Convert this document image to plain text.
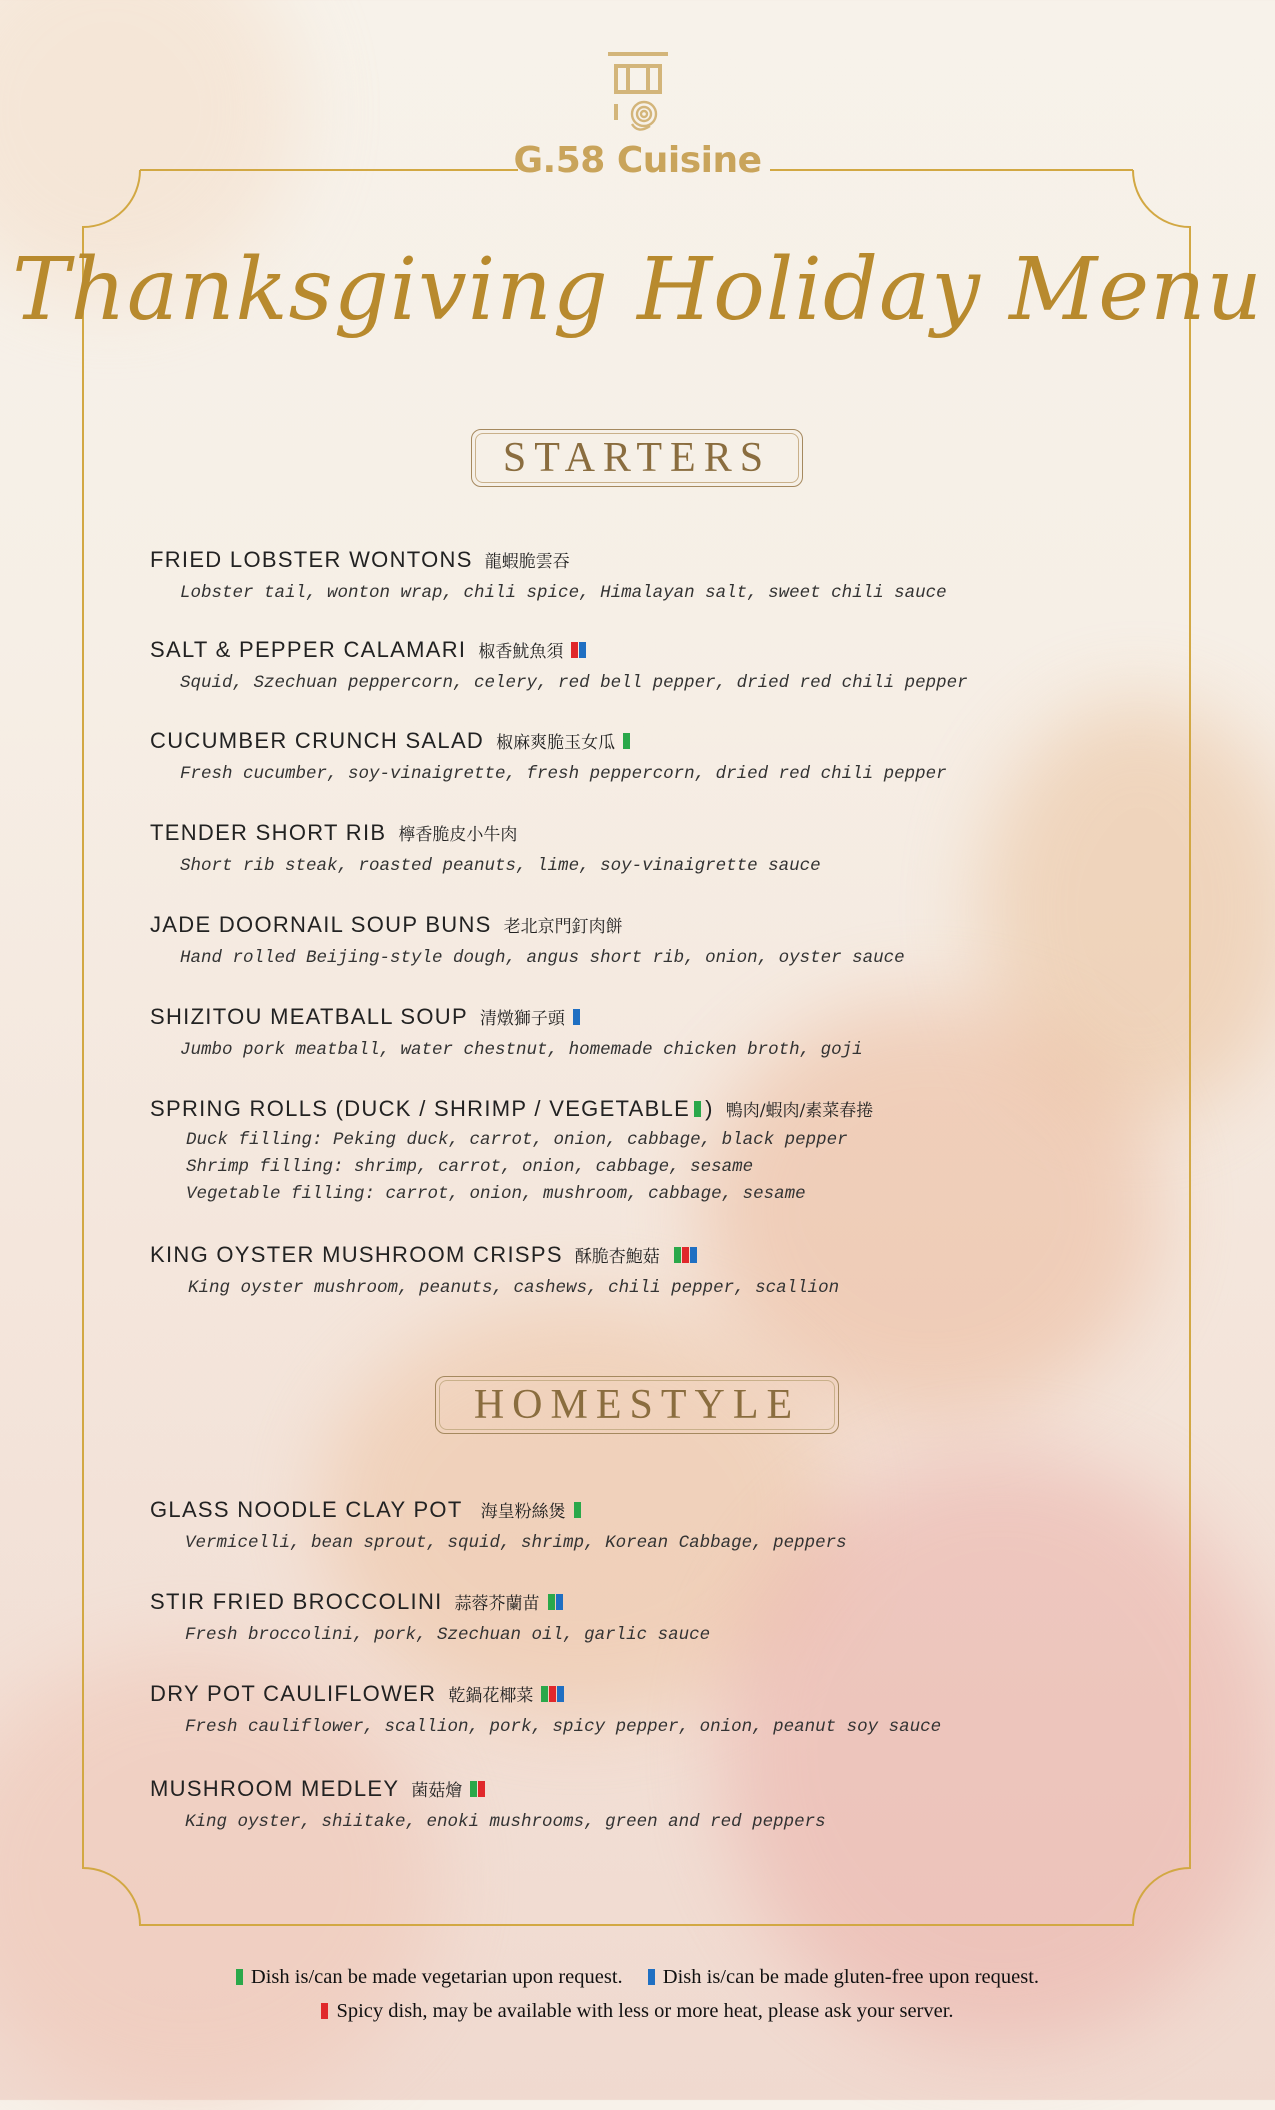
G.58 Cuisine
Thanksgiving Holiday Menu
STARTERS
FRIED LOBSTER WONTONS 龍蝦脆雲吞
Lobster tail, wonton wrap, chili spice, Himalayan salt, sweet chili sauce
SALT & PEPPER CALAMARI 椒香魷魚須
Squid, Szechuan peppercorn, celery, red bell pepper, dried red chili pepper
CUCUMBER CRUNCH SALAD 椒麻爽脆玉女瓜
Fresh cucumber, soy-vinaigrette, fresh peppercorn, dried red chili pepper
TENDER SHORT RIB 檸香脆皮小牛肉
Short rib steak, roasted peanuts, lime, soy-vinaigrette sauce
JADE DOORNAIL SOUP BUNS 老北京門釘肉餅
Hand rolled Beijing-style dough, angus short rib, onion, oyster sauce
SHIZITOU MEATBALL SOUP 清燉獅子頭
Jumbo pork meatball, water chestnut, homemade chicken broth, goji
SPRING ROLLS (DUCK / SHRIMP / VEGETABLE ) 鴨肉/蝦肉/素菜春捲
Duck filling: Peking duck, carrot, onion, cabbage, black pepper
Shrimp filling: shrimp, carrot, onion, cabbage, sesame
Vegetable filling: carrot, onion, mushroom, cabbage, sesame
KING OYSTER MUSHROOM CRISPS 酥脆杏鮑菇
King oyster mushroom, peanuts, cashews, chili pepper, scallion
HOMESTYLE
GLASS NOODLE CLAY POT 海皇粉絲煲
Vermicelli, bean sprout, squid, shrimp, Korean Cabbage, peppers
STIR FRIED BROCCOLINI 蒜蓉芥蘭苗
Fresh broccolini, pork, Szechuan oil, garlic sauce
DRY POT CAULIFLOWER 乾鍋花椰菜
Fresh cauliflower, scallion, pork, spicy pepper, onion, peanut soy sauce
MUSHROOM MEDLEY 菌菇燴
King oyster, shiitake, enoki mushrooms, green and red peppers
Dish is/can be made vegetarian upon request. Dish is/can be made gluten-free upon request.
Spicy dish, may be available with less or more heat, please ask your server.
